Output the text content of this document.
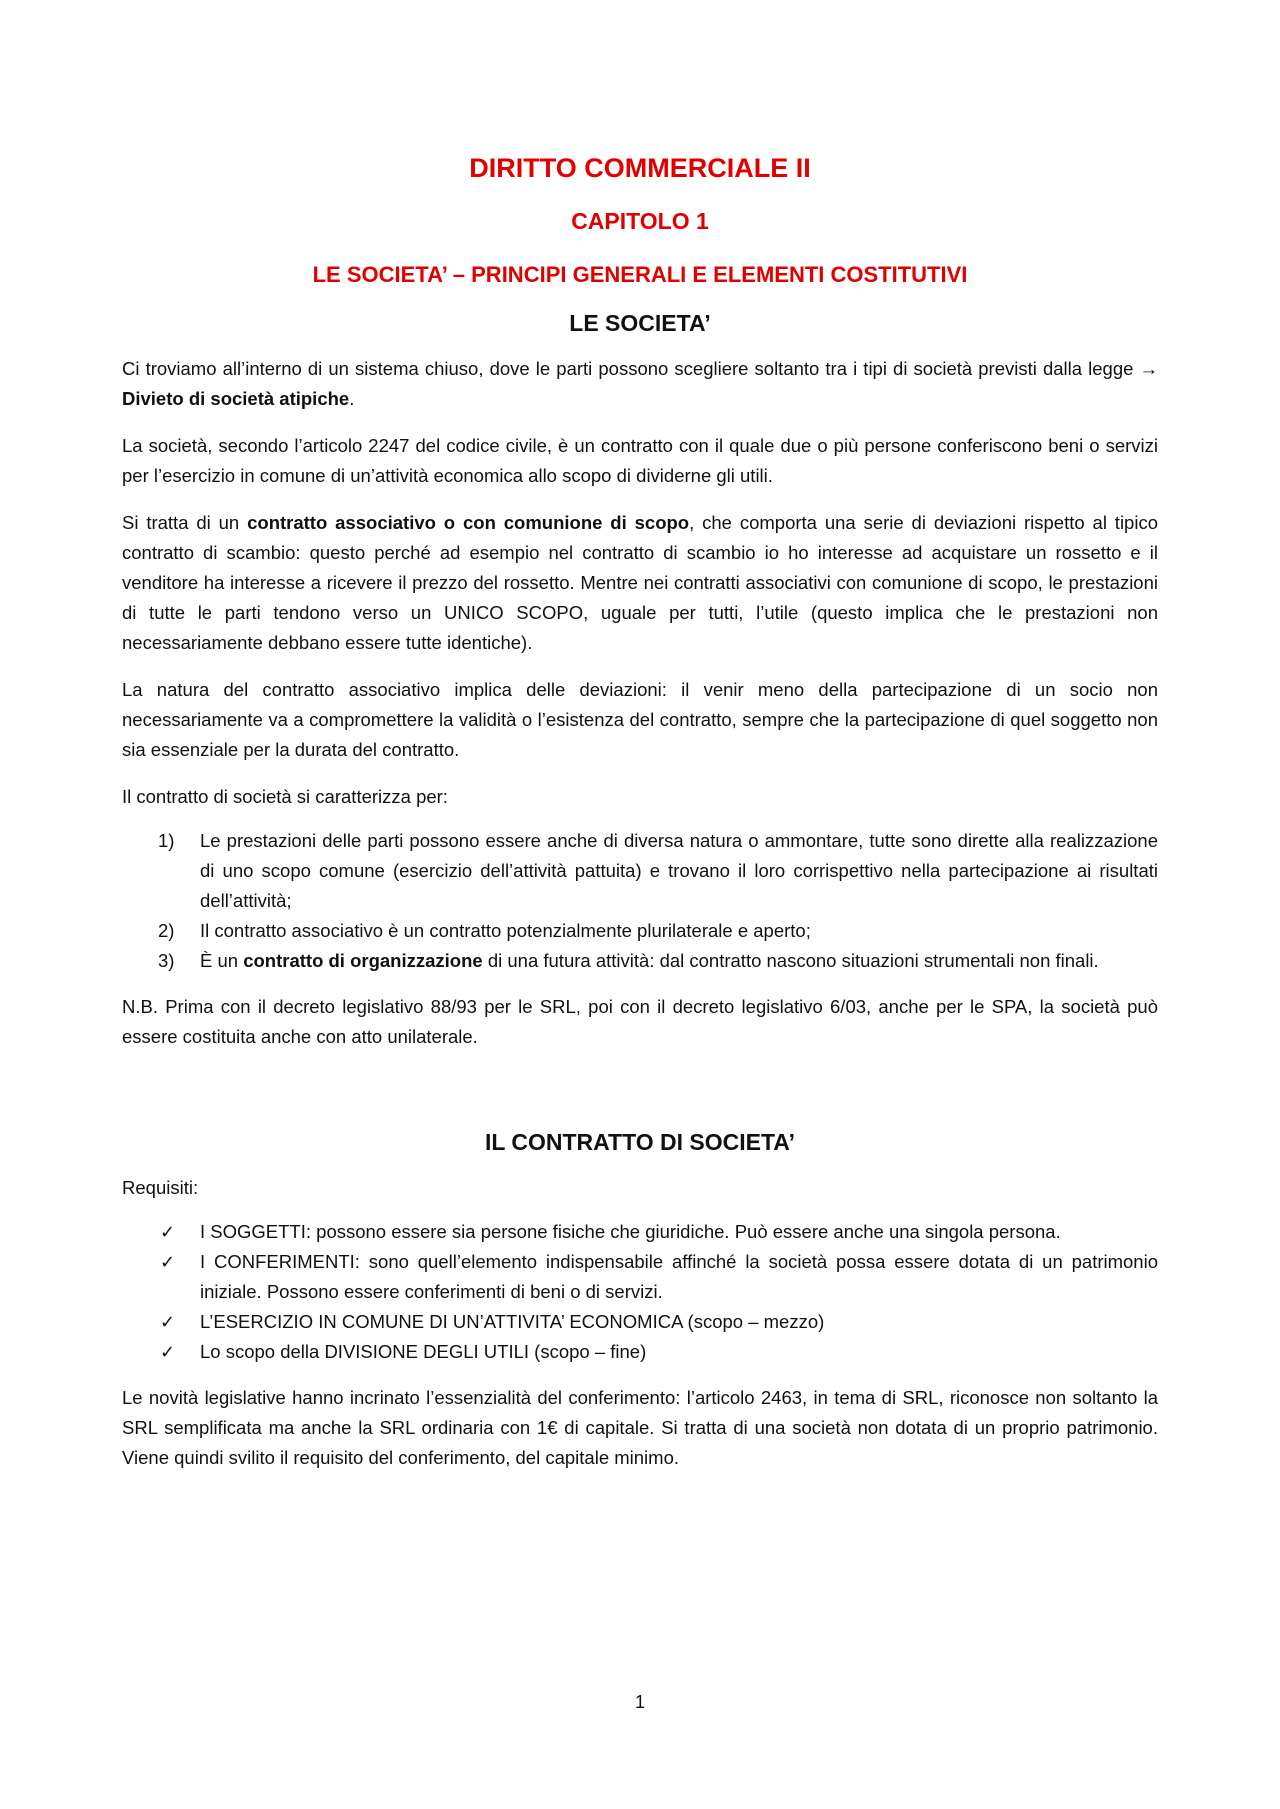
DIRITTO COMMERCIALE II
CAPITOLO 1
LE SOCIETA’ – PRINCIPI GENERALI E ELEMENTI COSTITUTIVI
LE SOCIETA’

Ci troviamo all’interno di un sistema chiuso, dove le parti possono scegliere soltanto tra i tipi di società previsti dalla legge → Divieto di società atipiche.

La società, secondo l’articolo 2247 del codice civile, è un contratto con il quale due o più persone conferiscono beni o servizi per l’esercizio in comune di un’attività economica allo scopo di dividerne gli utili.

Si tratta di un contratto associativo o con comunione di scopo, che comporta una serie di deviazioni rispetto al tipico contratto di scambio: questo perché ad esempio nel contratto di scambio io ho interesse ad acquistare un rossetto e il venditore ha interesse a ricevere il prezzo del rossetto. Mentre nei contratti associativi con comunione di scopo, le prestazioni di tutte le parti tendono verso un UNICO SCOPO, uguale per tutti, l’utile (questo implica che le prestazioni non necessariamente debbano essere tutte identiche).

La natura del contratto associativo implica delle deviazioni: il venir meno della partecipazione di un socio non necessariamente va a compromettere la validità o l’esistenza del contratto, sempre che la partecipazione di quel soggetto non sia essenziale per la durata del contratto.

Il contratto di società si caratterizza per:

1) Le prestazioni delle parti possono essere anche di diversa natura o ammontare, tutte sono dirette alla realizzazione di uno scopo comune (esercizio dell’attività pattuita) e trovano il loro corrispettivo nella partecipazione ai risultati dell’attività;
2) Il contratto associativo è un contratto potenzialmente plurilaterale e aperto;
3) È un contratto di organizzazione di una futura attività: dal contratto nascono situazioni strumentali non finali.

N.B. Prima con il decreto legislativo 88/93 per le SRL, poi con il decreto legislativo 6/03, anche per le SPA, la società può essere costituita anche con atto unilaterale.

IL CONTRATTO DI SOCIETA’

Requisiti:

✓ I SOGGETTI: possono essere sia persone fisiche che giuridiche. Può essere anche una singola persona.
✓ I CONFERIMENTI: sono quell’elemento indispensabile affinché la società possa essere dotata di un patrimonio iniziale. Possono essere conferimenti di beni o di servizi.
✓ L’ESERCIZIO IN COMUNE DI UN’ATTIVITA’ ECONOMICA (scopo – mezzo)
✓ Lo scopo della DIVISIONE DEGLI UTILI (scopo – fine)

Le novità legislative hanno incrinato l’essenzialità del conferimento: l’articolo 2463, in tema di SRL, riconosce non soltanto la SRL semplificata ma anche la SRL ordinaria con 1€ di capitale. Si tratta di una società non dotata di un proprio patrimonio. Viene quindi svilito il requisito del conferimento, del capitale minimo.

1
